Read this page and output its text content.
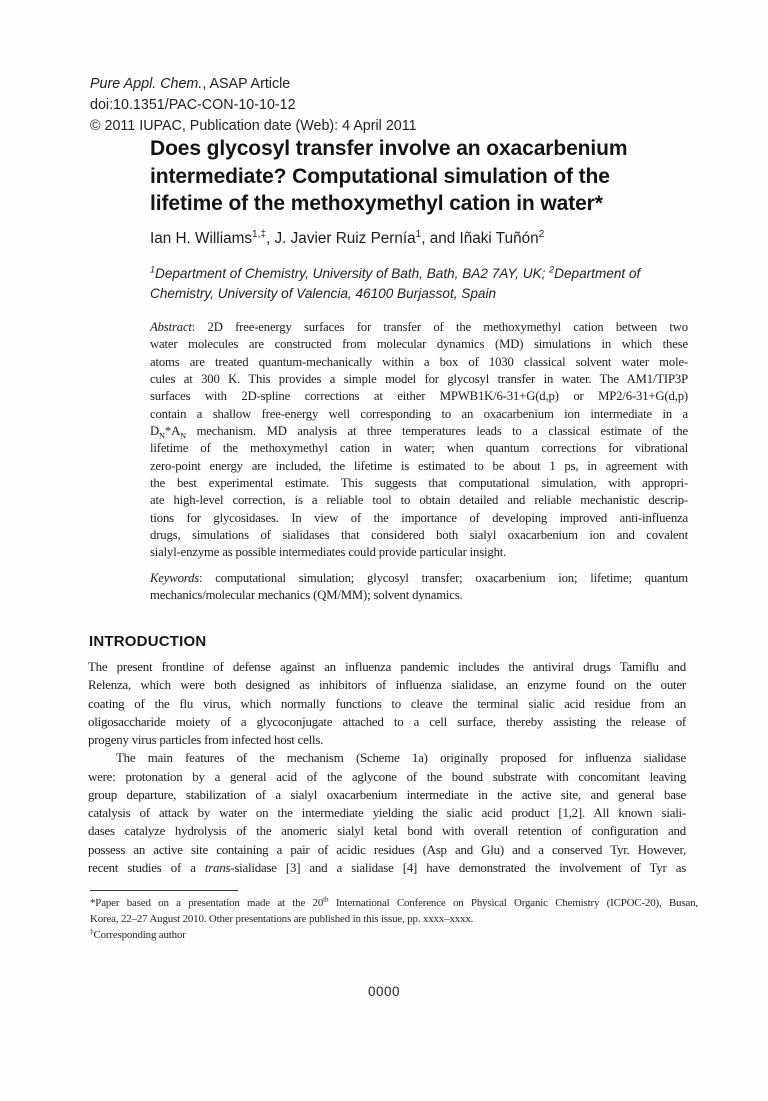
Pure Appl. Chem., ASAP Article
doi:10.1351/PAC-CON-10-10-12
© 2011 IUPAC, Publication date (Web): 4 April 2011
Does glycosyl transfer involve an oxacarbenium
intermediate? Computational simulation of the
lifetime of the methoxymethyl cation in water*
Ian H. Williams$^{1,\ddagger}$, J. Javier Ruiz Pernía$^1$, and Iñaki Tuñón$^2$
$^1$Department of Chemistry, University of Bath, Bath, BA2 7AY, UK; $^2$Department of
Chemistry, University of Valencia, 46100 Burjassot, Spain
Abstract: 2D free-energy surfaces for transfer of the methoxymethyl cation between two
water molecules are constructed from molecular dynamics (MD) simulations in which these
atoms are treated quantum-mechanically within a box of 1030 classical solvent water mole-
cules at 300 K. This provides a simple model for glycosyl transfer in water. The AM1/TIP3P
surfaces with 2D-spline corrections at either MPWB1K/6-31+G(d,p) or MP2/6-31+G(d,p)
contain a shallow free-energy well corresponding to an oxacarbenium ion intermediate in a
$D_N*A_N$ mechanism. MD analysis at three temperatures leads to a classical estimate of the
lifetime of the methoxymethyl cation in water; when quantum corrections for vibrational
zero-point energy are included, the lifetime is estimated to be about 1 ps, in agreement with
the best experimental estimate. This suggests that computational simulation, with appropri-
ate high-level correction, is a reliable tool to obtain detailed and reliable mechanistic descrip-
tions for glycosidases. In view of the importance of developing improved anti-influenza
drugs, simulations of sialidases that considered both sialyl oxacarbenium ion and covalent
sialyl-enzyme as possible intermediates could provide particular insight.
Keywords: computational simulation; glycosyl transfer; oxacarbenium ion; lifetime; quantum
mechanics/molecular mechanics (QM/MM); solvent dynamics.
INTRODUCTION
The present frontline of defense against an influenza pandemic includes the antiviral drugs Tamiflu and
Relenza, which were both designed as inhibitors of influenza sialidase, an enzyme found on the outer
coating of the flu virus, which normally functions to cleave the terminal sialic acid residue from an
oligosaccharide moiety of a glycoconjugate attached to a cell surface, thereby assisting the release of
progeny virus particles from infected host cells.
The main features of the mechanism (Scheme 1a) originally proposed for influenza sialidase
were: protonation by a general acid of the aglycone of the bound substrate with concomitant leaving
group departure, stabilization of a sialyl oxacarbenium intermediate in the active site, and general base
catalysis of attack by water on the intermediate yielding the sialic acid product [1,2]. All known siali-
dases catalyze hydrolysis of the anomeric sialyl ketal bond with overall retention of configuration and
possess an active site containing a pair of acidic residues (Asp and Glu) and a conserved Tyr. However,
recent studies of a trans-sialidase [3] and a sialidase [4] have demonstrated the involvement of Tyr as
*Paper based on a presentation made at the 20th International Conference on Physical Organic Chemistry (ICPOC-20), Busan,
Korea, 22–27 August 2010. Other presentations are published in this issue, pp. xxxx–xxxx.
‡Corresponding author
0000
